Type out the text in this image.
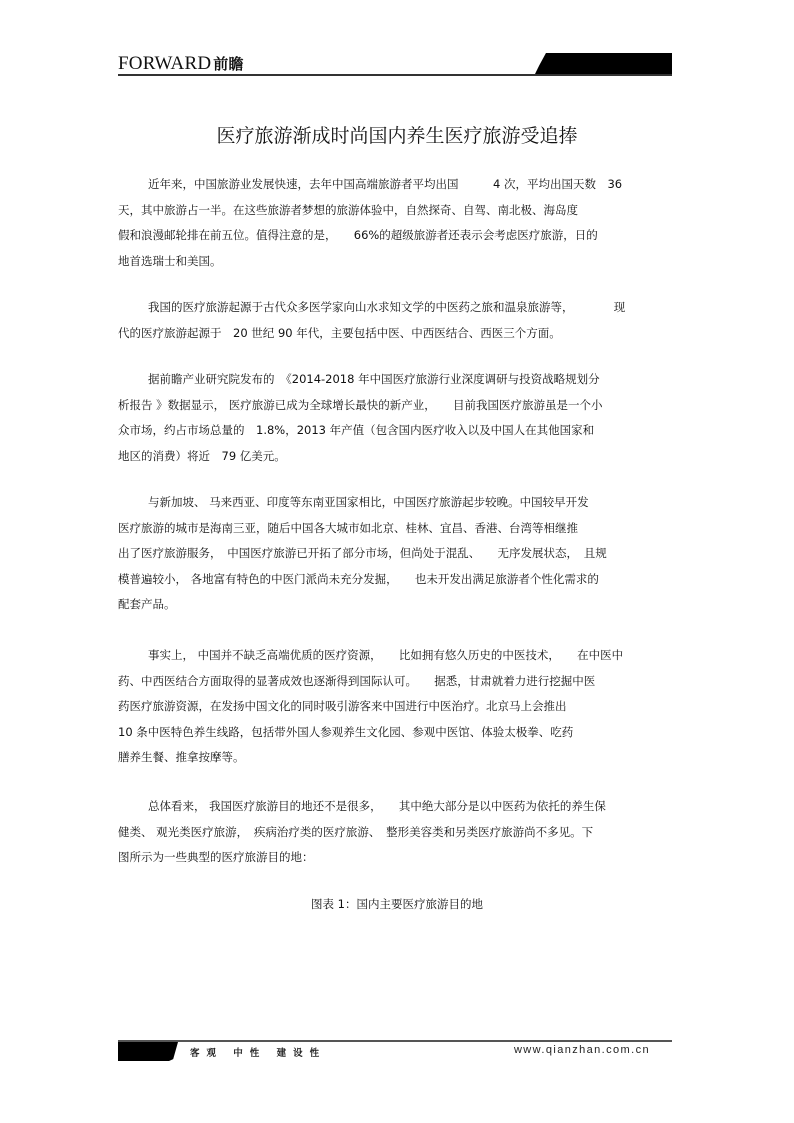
FORWARD 前瞻
医疗旅游渐成时尚国内养生医疗旅游受追捧
近年来，中国旅游业发展快速，去年中国高端旅游者平均出国　　　4 次，平均出国天数　36
天，其中旅游占一半。在这些旅游者梦想的旅游体验中，自然探奇、自驾、南北极、海岛度
假和浪漫邮轮排在前五位。值得注意的是，　　66%的超级旅游者还表示会考虑医疗旅游，日的
地首选瑞士和美国。
我国的医疗旅游起源于古代众多医学家向山水求知文学的中医药之旅和温泉旅游等，　　　　现
代的医疗旅游起源于　20 世纪 90 年代，主要包括中医、中西医结合、西医三个方面。
据前瞻产业研究院发布的　《2014-2018 年中国医疗旅游行业深度调研与投资战略规划分
析报告 》数据显示， 医疗旅游已成为全球增长最快的新产业，　　目前我国医疗旅游虽是一个小
众市场，约占市场总量的　1.8%，2013 年产值（包含国内医疗收入以及中国人在其他国家和
地区的消费）将近　79 亿美元。
与新加坡、 马来西亚、印度等东南亚国家相比，中国医疗旅游起步较晚。中国较早开发
医疗旅游的城市是海南三亚，随后中国各大城市如北京、桂林、宜昌、香港、台湾等相继推
出了医疗旅游服务，　中国医疗旅游已开拓了部分市场，但尚处于混乱、　　无序发展状态，　且规
模普遍较小， 各地富有特色的中医门派尚未充分发掘，　　也未开发出满足旅游者个性化需求的
配套产品。
事实上， 中国并不缺乏高端优质的医疗资源，　　比如拥有悠久历史的中医技术，　　在中医中
药、中西医结合方面取得的显著成效也逐渐得到国际认可。　　据悉，甘肃就着力进行挖掘中医
药医疗旅游资源，在发扬中国文化的同时吸引游客来中国进行中医治疗。北京马上会推出
10 条中医特色养生线路，包括带外国人参观养生文化园、参观中医馆、体验太极拳、吃药
膳养生餐、推拿按摩等。
总体看来， 我国医疗旅游目的地还不是很多，　　其中绝大部分是以中医药为依托的养生保
健类、 观光类医疗旅游，　疾病治疗类的医疗旅游、　整形美容类和另类医疗旅游尚不多见。下
图所示为一些典型的医疗旅游目的地：
图表 1：国内主要医疗旅游目的地
客观 中性 建设性	www.qianzhan.com.cn
